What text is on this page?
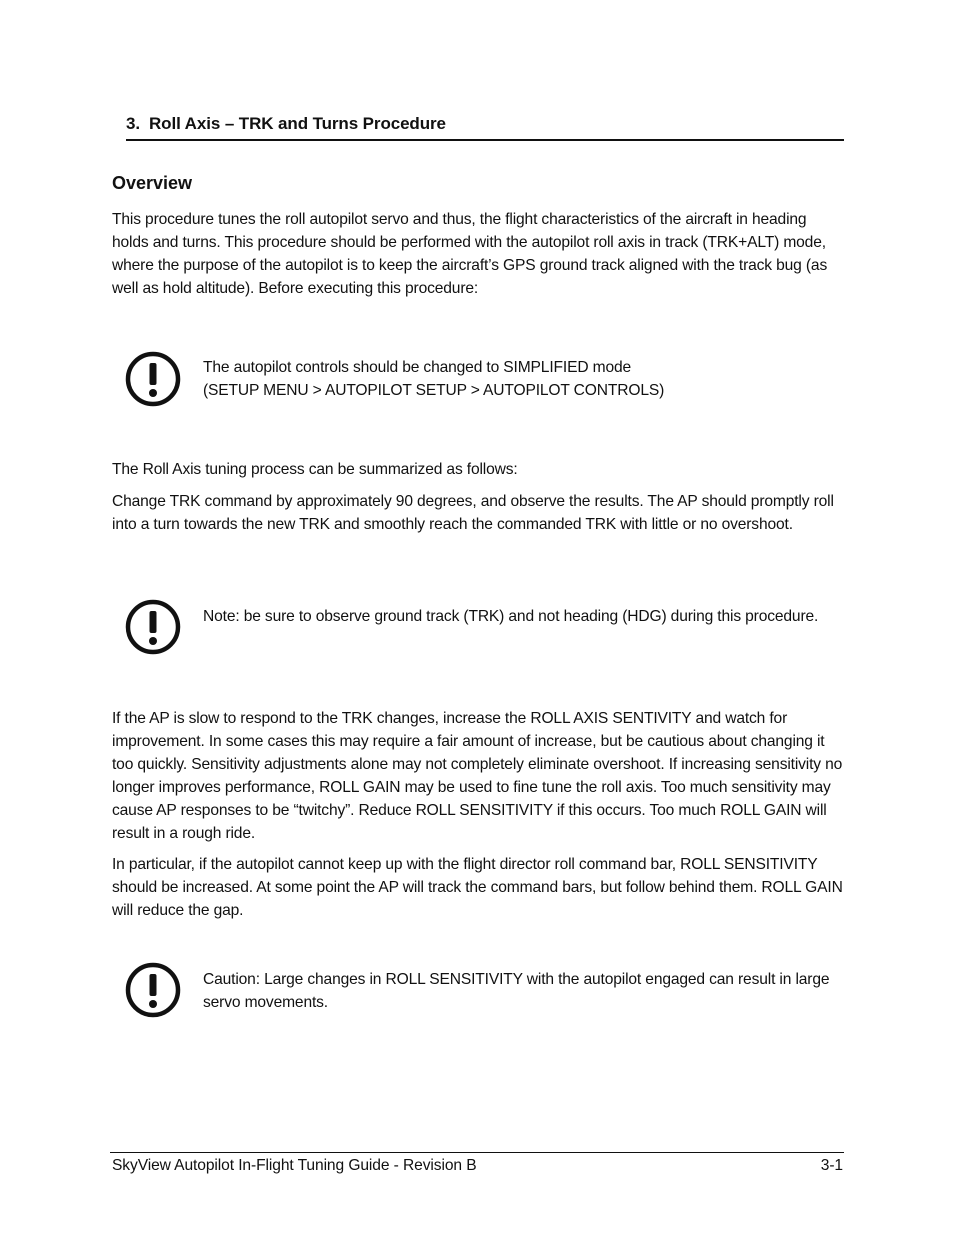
3. Roll Axis – TRK and Turns Procedure
Overview

This procedure tunes the roll autopilot servo and thus, the flight characteristics of the aircraft in heading holds and turns. This procedure should be performed with the autopilot roll axis in track (TRK+ALT) mode, where the purpose of the autopilot is to keep the aircraft’s GPS ground track aligned with the track bug (as well as hold altitude). Before executing this procedure:

The autopilot controls should be changed to SIMPLIFIED mode
(SETUP MENU > AUTOPILOT SETUP > AUTOPILOT CONTROLS)

The Roll Axis tuning process can be summarized as follows:

Change TRK command by approximately 90 degrees, and observe the results. The AP should promptly roll into a turn towards the new TRK and smoothly reach the commanded TRK with little or no overshoot.

Note: be sure to observe ground track (TRK) and not heading (HDG) during this procedure.

If the AP is slow to respond to the TRK changes, increase the ROLL AXIS SENTIVITY and watch for improvement. In some cases this may require a fair amount of increase, but be cautious about changing it too quickly. Sensitivity adjustments alone may not completely eliminate overshoot. If increasing sensitivity no longer improves performance, ROLL GAIN may be used to fine tune the roll axis. Too much sensitivity may cause AP responses to be “twitchy”. Reduce ROLL SENSITIVITY if this occurs. Too much ROLL GAIN will result in a rough ride.

In particular, if the autopilot cannot keep up with the flight director roll command bar, ROLL SENSITIVITY should be increased. At some point the AP will track the command bars, but follow behind them. ROLL GAIN will reduce the gap.

Caution: Large changes in ROLL SENSITIVITY with the autopilot engaged can result in large servo movements.
SkyView Autopilot In-Flight Tuning Guide - Revision B	3-1
